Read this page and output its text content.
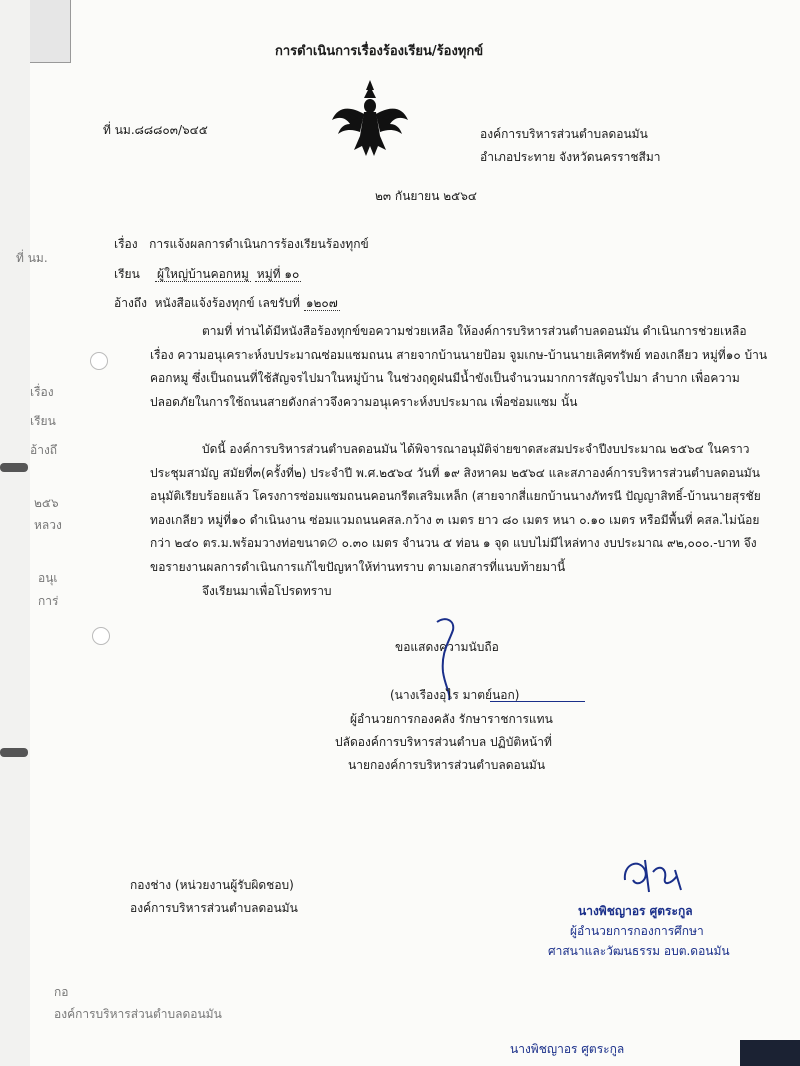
ที่ นม.
เรื่อง
เรียน
อ้างถึ
๒๕๖
หลวง
อนุเ
การ่
กอ
องค์การบริหารส่วนตำบลดอนมัน
การดำเนินการเรื่องร้องเรียน/ร้องทุกข์
ที่ นม.๘๘๘๐๓/๖๔๕	องค์การบริหารส่วนตำบลดอนมัน
อำเภอประทาย จังหวัดนครราชสีมา
๒๓ กันยายน ๒๕๖๔
เรื่อง การแจ้งผลการดำเนินการร้องเรียนร้องทุกข์
เรียน ผู้ใหญ่บ้านคอกหมู หมู่ที่ ๑๐
อ้างถึง หนังสือแจ้งร้องทุกข์ เลขรับที่ ๑๒๐๗
ตามที่ ท่านได้มีหนังสือร้องทุกข์ขอความช่วยเหลือ ให้องค์การบริหารส่วนตำบลดอนมัน ดำเนินการช่วยเหลือ เรื่อง ความอนุเคราะห์งบประมาณซ่อมแซมถนน สายจากบ้านนายป้อม จูมเกษ-บ้านนายเลิศทรัพย์ ทองเกลียว หมู่ที่๑๐ บ้านคอกหมู ซึ่งเป็นถนนที่ใช้สัญจรไปมาในหมู่บ้าน ในช่วงฤดูฝนมีน้ำขังเป็นจำนวนมากการสัญจรไปมา ลำบาก เพื่อความปลอดภัยในการใช้ถนนสายดังกล่าวจึงความอนุเคราะห์งบประมาณ เพื่อซ่อมแซม นั้น
บัดนี้ องค์การบริหารส่วนตำบลดอนมัน ได้พิจารณาอนุมัติจ่ายขาดสะสมประจำปีงบประมาณ ๒๕๖๔ ในคราวประชุมสามัญ สมัยที่๓(ครั้งที่๒) ประจำปี พ.ศ.๒๕๖๔ วันที่ ๑๙ สิงหาคม ๒๕๖๔ และสภาองค์การบริหารส่วนตำบลดอนมันอนุมัติเรียบร้อยแล้ว โครงการซ่อมแซมถนนคอนกรีตเสริมเหล็ก (สายจากสี่แยกบ้านนางภัทรนี ปัญญาสิทธิ์-บ้านนายสุรชัย ทองเกลียว หมู่ที่๑๐ ดำเนินงาน ซ่อมแวมถนนคสล.กว้าง ๓ เมตร ยาว ๘๐ เมตร หนา ๐.๑๐ เมตร หรือมีพื้นที่ คสล.ไม่น้อยกว่า ๒๔๐ ตร.ม.พร้อมวางท่อขนาด∅ ๐.๓๐ เมตร จำนวน ๕ ท่อน ๑ จุด แบบไม่มีไหล่ทาง งบประมาณ ๙๒,๐๐๐.-บาท จึงขอรายงานผลการดำเนินการแก้ไขปัญหาให้ท่านทราบ ตามเอกสารที่แนบท้ายมานี้
จึงเรียนมาเพื่อโปรดทราบ
ขอแสดงความนับถือ
(นางเรืองอุไร มาตย์นอก)
ผู้อำนวยการกองคลัง รักษาราชการแทน
ปลัดองค์การบริหารส่วนตำบล ปฏิบัติหน้าที่
นายกองค์การบริหารส่วนตำบลดอนมัน
กองช่าง (หน่วยงานผู้รับผิดชอบ)
องค์การบริหารส่วนตำบลดอนมัน	นางพิชญาอร ศูตระกูล
ผู้อำนวยการกองการศึกษา
ศาสนาและวัฒนธรรม อบต.ดอนมัน
นางพิชญาอร ศูตระกูล
